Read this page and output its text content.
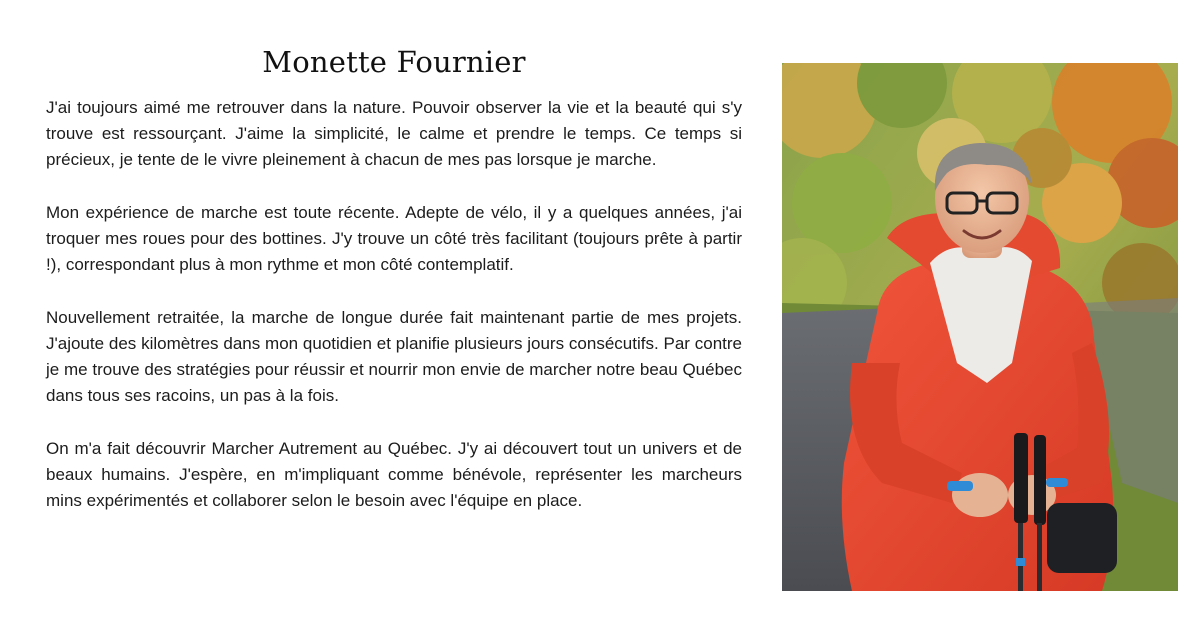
Monette Fournier

J'ai toujours aimé me retrouver dans la nature. Pouvoir observer la vie et la beauté qui s'y trouve est ressourçant. J'aime la simplicité, le calme et prendre le temps. Ce temps si précieux, je tente de le vivre pleinement à chacun de mes pas lorsque je marche.

Mon expérience de marche est toute récente. Adepte de vélo, il y a quelques années, j'ai troquer mes roues pour des bottines. J'y trouve un côté très facilitant (toujours prête à partir !), correspondant plus à mon rythme et mon côté contemplatif.

Nouvellement retraitée, la marche de longue durée fait maintenant partie de mes projets. J'ajoute des kilomètres dans mon quotidien et planifie plusieurs jours consécutifs. Par contre je me trouve des stratégies pour réussir et nourrir mon envie de marcher notre beau Québec dans tous ses racoins, un pas à la fois.

On m'a fait découvrir Marcher Autrement au Québec. J'y ai découvert tout un univers et de beaux humains. J'espère, en m'impliquant comme bénévole, représenter les marcheurs mins expérimentés et collaborer selon le besoin avec l'équipe en place.
